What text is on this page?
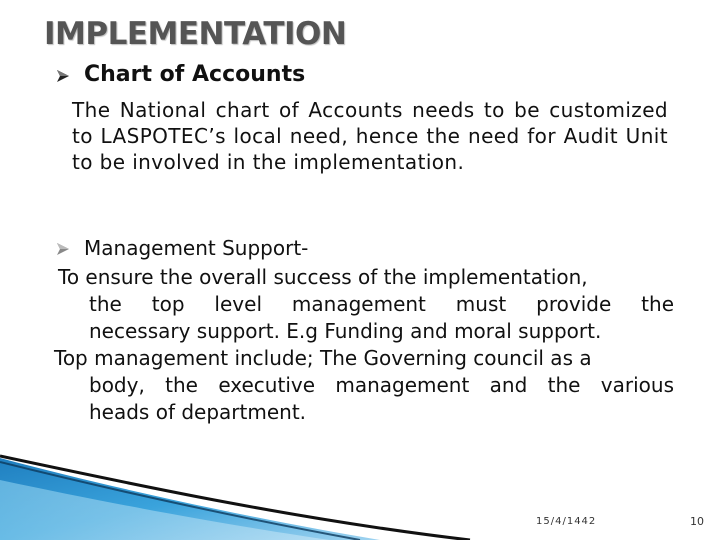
IMPLEMENTATION
Chart of Accounts
The National chart of Accounts needs to be customized to LASPOTEC’s local need, hence the need for Audit Unit to be involved in the implementation.
Management Support-
To ensure the overall success of the implementation,
the top level management must provide the
necessary support. E.g Funding and moral support.
Top management include; The Governing council as a
body, the executive management and the various
heads of department.
15/4/1442	10
